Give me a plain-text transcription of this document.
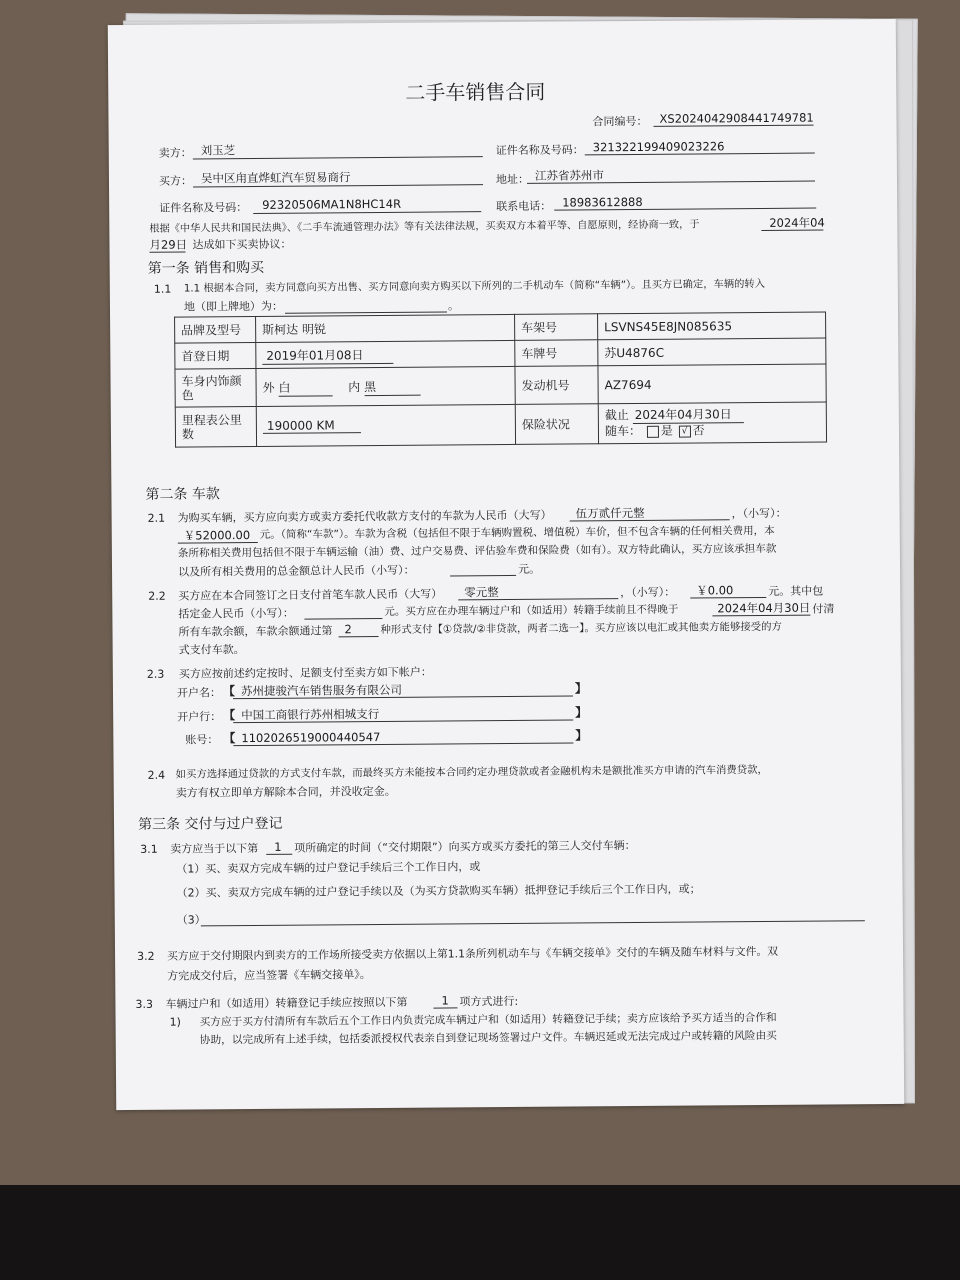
二手车销售合同
合同编号： XS2024042908441749781
卖方： 刘玉芝	证件名称及号码： 321322199409023226
买方： 吴中区甪直烨虹汽车贸易商行	地址： 江苏省苏州市
证件名称及号码： 92320506MA1N8HC14R	联系电话： 18983612888
根据《中华人民共和国民法典》、《二手车流通管理办法》等有关法律法规，买卖双方本着平等、自愿原则，经协商一致，于	2024年04
月29日 达成如下买卖协议：
第一条 销售和购买
1.1 1.1 根据本合同，卖方同意向买方出售、买方同意向卖方购买以下所列的二手机动车（简称“车辆”）。且买方已确定，车辆的转入
地（即上牌地）为：	。
品牌及型号	斯柯达 明锐	车架号	LSVNS45E8JN085635
首登日期	2019年01月08日	车牌号	苏U4876C
车身内饰颜色	外 白 内 黑	发动机号	AZ7694
里程表公里数	190000 KM	保险状况	截止 2024年04月30日
随车： 是 √ 否
第二条 车款
2.1 为购买车辆，买方应向卖方或卖方委托代收款方支付的车款为人民币（大写） 伍万贰仟元整	，（小写）：
￥52000.00 元。（简称“车款”）。车款为含税（包括但不限于车辆购置税、增值税）车价，但不包含车辆的任何相关费用，本
条所称相关费用包括但不限于车辆运输（油）费、过户交易费、评估验车费和保险费（如有）。双方特此确认，买方应该承担车款
以及所有相关费用的总金额总计人民币（小写）：	元。
2.2 买方应在本合同签订之日支付首笔车款人民币（大写） 零元整	，（小写）： ￥0.00	元。其中包
括定金人民币（小写）：	元。买方应在办理车辆过户和（如适用）转籍手续前且不得晚于	2024年04月30日 付清
所有车款余额，车款余额通过第 2	种形式支付【①贷款/②非贷款，两者二选一】。买方应该以电汇或其他卖方能够接受的方
式支付车款。
2.3 买方应按前述约定按时、足额支付至卖方如下帐户：
开户名： 【 苏州捷骏汽车销售服务有限公司	】
开户行： 【 中国工商银行苏州相城支行	】
账号： 【 1102026519000440547	】
2.4 如买方选择通过贷款的方式支付车款，而最终买方未能按本合同约定办理贷款或者金融机构未是额批准买方申请的汽车消费贷款，
卖方有权立即单方解除本合同，并没收定金。
第三条 交付与过户登记
3.1 卖方应当于以下第 1 项所确定的时间（“交付期限”）向买方或买方委托的第三人交付车辆：
（1）买、卖双方完成车辆的过户登记手续后三个工作日内，或
（2）买、卖双方完成车辆的过户登记手续以及（为买方贷款购买车辆）抵押登记手续后三个工作日内，或；
（3）
3.2 买方应于交付期限内到卖方的工作场所接受卖方依据以上第1.1条所列机动车与《车辆交接单》交付的车辆及随车材料与文件。双
方完成交付后，应当签署《车辆交接单》。
3.3 车辆过户和（如适用）转籍登记手续应按照以下第	1 项方式进行:
1) 买方应于买方付清所有车款后五个工作日内负责完成车辆过户和（如适用）转籍登记手续；卖方应该给予买方适当的合作和
协助，以完成所有上述手续，包括委派授权代表亲自到登记现场签署过户文件。车辆迟延或无法完成过户或转籍的风险由买
